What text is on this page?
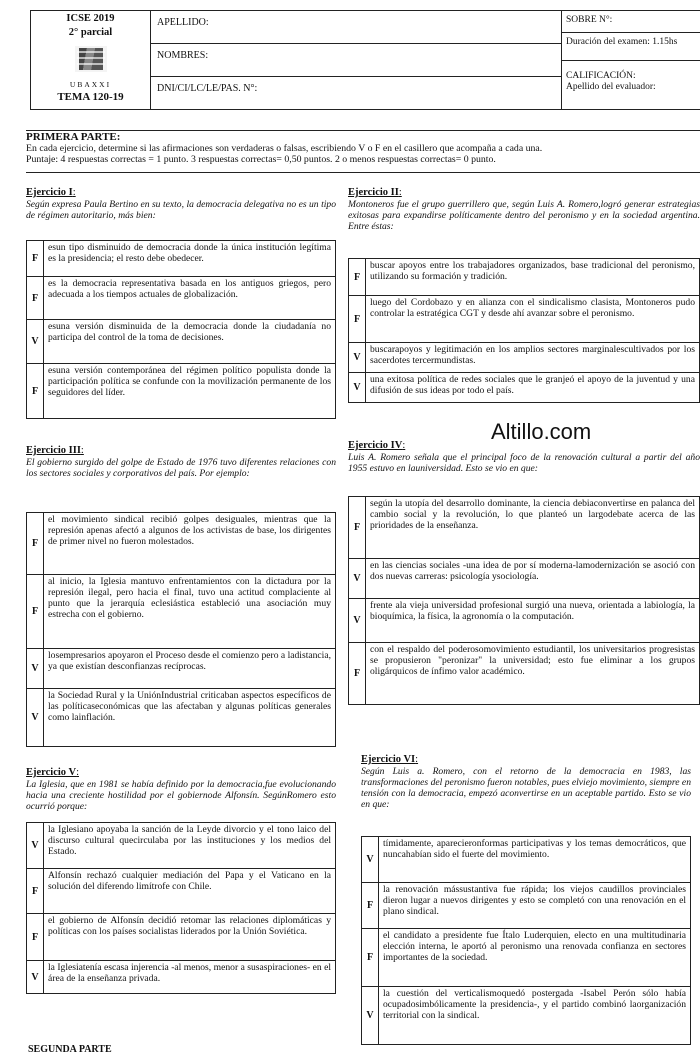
ICSE 2019
2° parcial
UBAXXI
TEMA 120-19
APELLIDO:
NOMBRES:
DNI/CI/LC/LE/PAS. N°:
SOBRE N°:
Duración del examen: 1.15hs
CALIFICACIÓN:
Apellido del evaluador:
PRIMERA PARTE:
En cada ejercicio, determine si las afirmaciones son verdaderas o falsas, escribiendo V o F en el casillero que acompaña a cada una.
Puntaje: 4 respuestas correctas = 1 punto. 3 respuestas correctas= 0,50 puntos. 2 o menos respuestas correctas= 0 punto.
Ejercicio I:
Según expresa Paula Bertino en su texto, la democracia delegativa no es un tipo de régimen autoritario, más bien:
F	esun tipo disminuido de democracia donde la única institución legítima es la presidencia; el resto debe obedecer.
F	es la democracia representativa basada en los antiguos griegos, pero adecuada a los tiempos actuales de globalización.
V	esuna versión disminuida de la democracia donde la ciudadanía no participa del control de la toma de decisiones.
F	esuna versión contemporánea del régimen político populista donde la participación política se confunde con la movilización permanente de los seguidores del líder.
Ejercicio II:
Montoneros fue el grupo guerrillero que, según Luis A. Romero,logró generar estrategias exitosas para expandirse políticamente dentro del peronismo y en la sociedad argentina. Entre éstas:
F	buscar apoyos entre los trabajadores organizados, base tradicional del peronismo, utilizando su formación y tradición.
F	luego del Cordobazo y en alianza con el sindicalismo clasista, Montoneros pudo controlar la estratégica CGT y desde ahí avanzar sobre el peronismo.
V	buscarapoyos y legitimación en los amplios sectores marginalescultivados por los sacerdotes tercermundistas.
V	una exitosa política de redes sociales que le granjeó el apoyo de la juventud y una difusión de sus ideas por todo el país.
Altillo.com
Ejercicio III:
El gobierno surgido del golpe de Estado de 1976 tuvo diferentes relaciones con los sectores sociales y corporativos del país. Por ejemplo:
F	el movimiento sindical recibió golpes desiguales, mientras que la represión apenas afectó a algunos de los activistas de base, los dirigentes de primer nivel no fueron molestados.
F	al inicio, la Iglesia mantuvo enfrentamientos con la dictadura por la represión ilegal, pero hacia el final, tuvo una actitud complaciente al punto que la jerarquía eclesiástica estableció una asociación muy estrecha con el gobierno.
V	losempresarios apoyaron el Proceso desde el comienzo pero a ladistancia, ya que existían desconfianzas recíprocas.
V	la Sociedad Rural y la UniónIndustrial criticaban aspectos específicos de las políticaseconómicas que las afectaban y algunas políticas generales como lainflación.
Ejercicio IV:
Luis A. Romero señala que el principal foco de la renovación cultural a partir del año 1955 estuvo en launiversidad. Esto se vio en que:
F	según la utopía del desarrollo dominante, la ciencia debiaconvertirse en palanca del cambio social y la revolución, lo que planteó un largodebate acerca de las prioridades de la enseñanza.
V	en las ciencias sociales -una idea de por sí moderna-lamodernización se asoció con dos nuevas carreras: psicología ysociología.
V	frente ala vieja universidad profesional surgió una nueva, orientada a labiología, la bioquímica, la física, la agronomía o la computación.
F	con el respaldo del poderosomovimiento estudiantil, los universitarios progresistas se propusieron "peronizar" la universidad; esto fue eliminar a los grupos oligárquicos de ínfimo valor académico.
Ejercicio V:
La Iglesia, que en 1981 se había definido por la democracia,fue evolucionando hacia una creciente hostilidad por el gobiernode Alfonsín. SegúnRomero esto ocurrió porque:
V	la Iglesiano apoyaba la sanción de la Leyde divorcio y el tono laico del discurso cultural quecirculaba por las instituciones y los medios del Estado.
F	Alfonsín rechazó cualquier mediación del Papa y el Vaticano en la solución del diferendo limítrofe con Chile.
F	el gobierno de Alfonsín decidió retomar las relaciones diplomáticas y políticas con los países socialistas liderados por la Unión Soviética.
V	la Iglesiatenía escasa injerencia -al menos, menor a susaspiraciones- en el área de la enseñanza privada.
Ejercicio VI:
Según Luis a. Romero, con el retorno de la democracia en 1983, las transformaciones del peronismo fueron notables, pues elviejo movimiento, siempre en tensión con la democracia, empezó aconvertirse en un aceptable partido. Esto se vio en que:
V	tímidamente, aparecieronformas participativas y los temas democráticos, que nuncahabían sido el fuerte del movimiento.
F	la renovación mássustantiva fue rápida; los viejos caudillos provinciales dieron lugar a nuevos dirigentes y esto se completó con una renovación en el plano sindical.
F	el candidato a presidente fue Ítalo Luderquien, electo en una multitudinaria elección interna, le aportó al peronismo una renovada confianza en sectores importantes de la sociedad.
V	la cuestión del verticalismoquedó postergada -Isabel Perón sólo había ocupadosimbólicamente la presidencia-, y el partido combinó laorganización territorial con la sindical.
SEGUNDA PARTE
